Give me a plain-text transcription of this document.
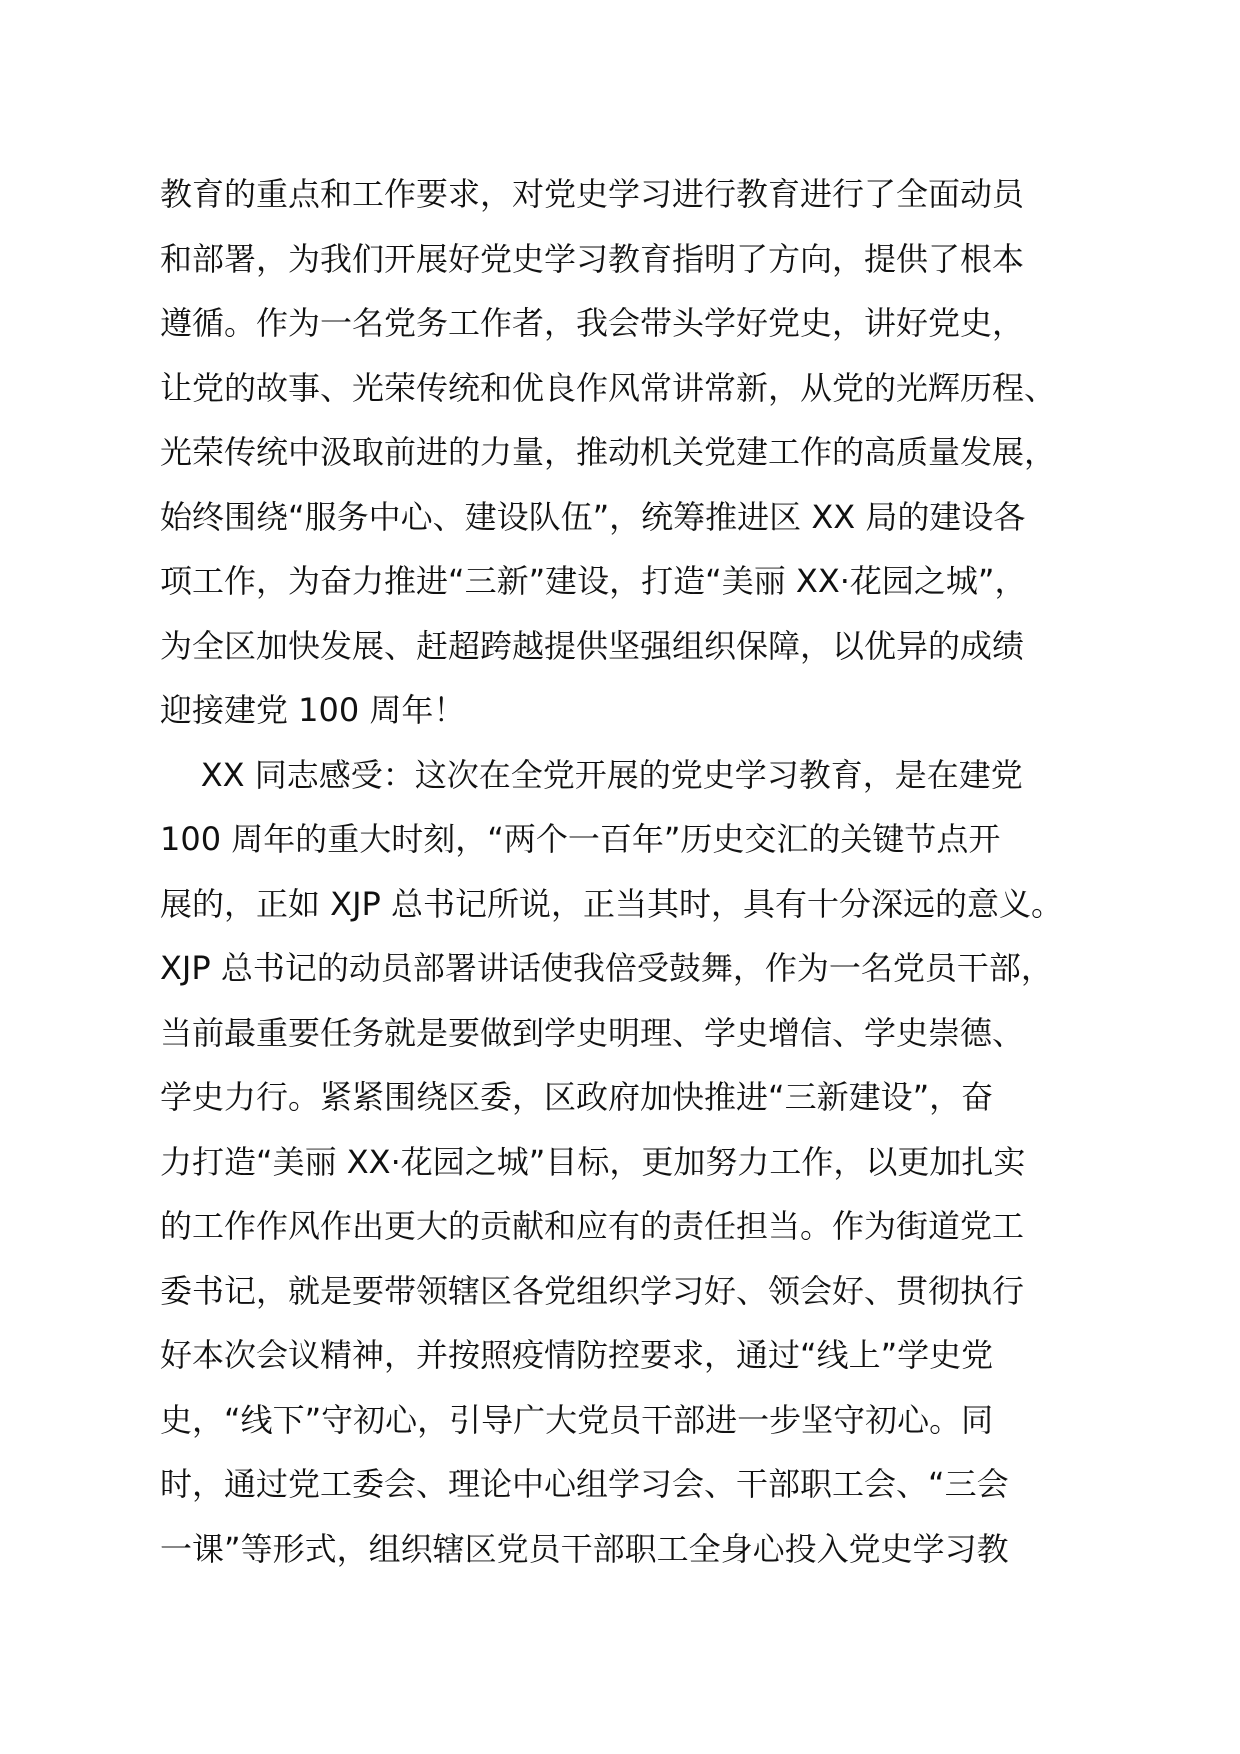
教育的重点和工作要求，对党史学习进行教育进行了全面动员
和部署，为我们开展好党史学习教育指明了方向，提供了根本
遵循。作为一名党务工作者，我会带头学好党史，讲好党史，
让党的故事、光荣传统和优良作风常讲常新，从党的光辉历程、
光荣传统中汲取前进的力量，推动机关党建工作的高质量发展，
始终围绕“服务中心、建设队伍”，统筹推进区 XX 局的建设各
项工作，为奋力推进“三新”建设，打造“美丽 XX·花园之城”，
为全区加快发展、赶超跨越提供坚强组织保障，以优异的成绩
迎接建党 100 周年！
XX 同志感受：这次在全党开展的党史学习教育，是在建党
100 周年的重大时刻，“两个一百年”历史交汇的关键节点开
展的，正如 XJP 总书记所说，正当其时，具有十分深远的意义。
XJP 总书记的动员部署讲话使我倍受鼓舞，作为一名党员干部，
当前最重要任务就是要做到学史明理、学史增信、学史崇德、
学史力行。紧紧围绕区委，区政府加快推进“三新建设”，奋
力打造“美丽 XX·花园之城”目标，更加努力工作，以更加扎实
的工作作风作出更大的贡献和应有的责任担当。作为街道党工
委书记，就是要带领辖区各党组织学习好、领会好、贯彻执行
好本次会议精神，并按照疫情防控要求，通过“线上”学史党
史，“线下”守初心，引导广大党员干部进一步坚守初心。同
时，通过党工委会、理论中心组学习会、干部职工会、“三会
一课”等形式，组织辖区党员干部职工全身心投入党史学习教
